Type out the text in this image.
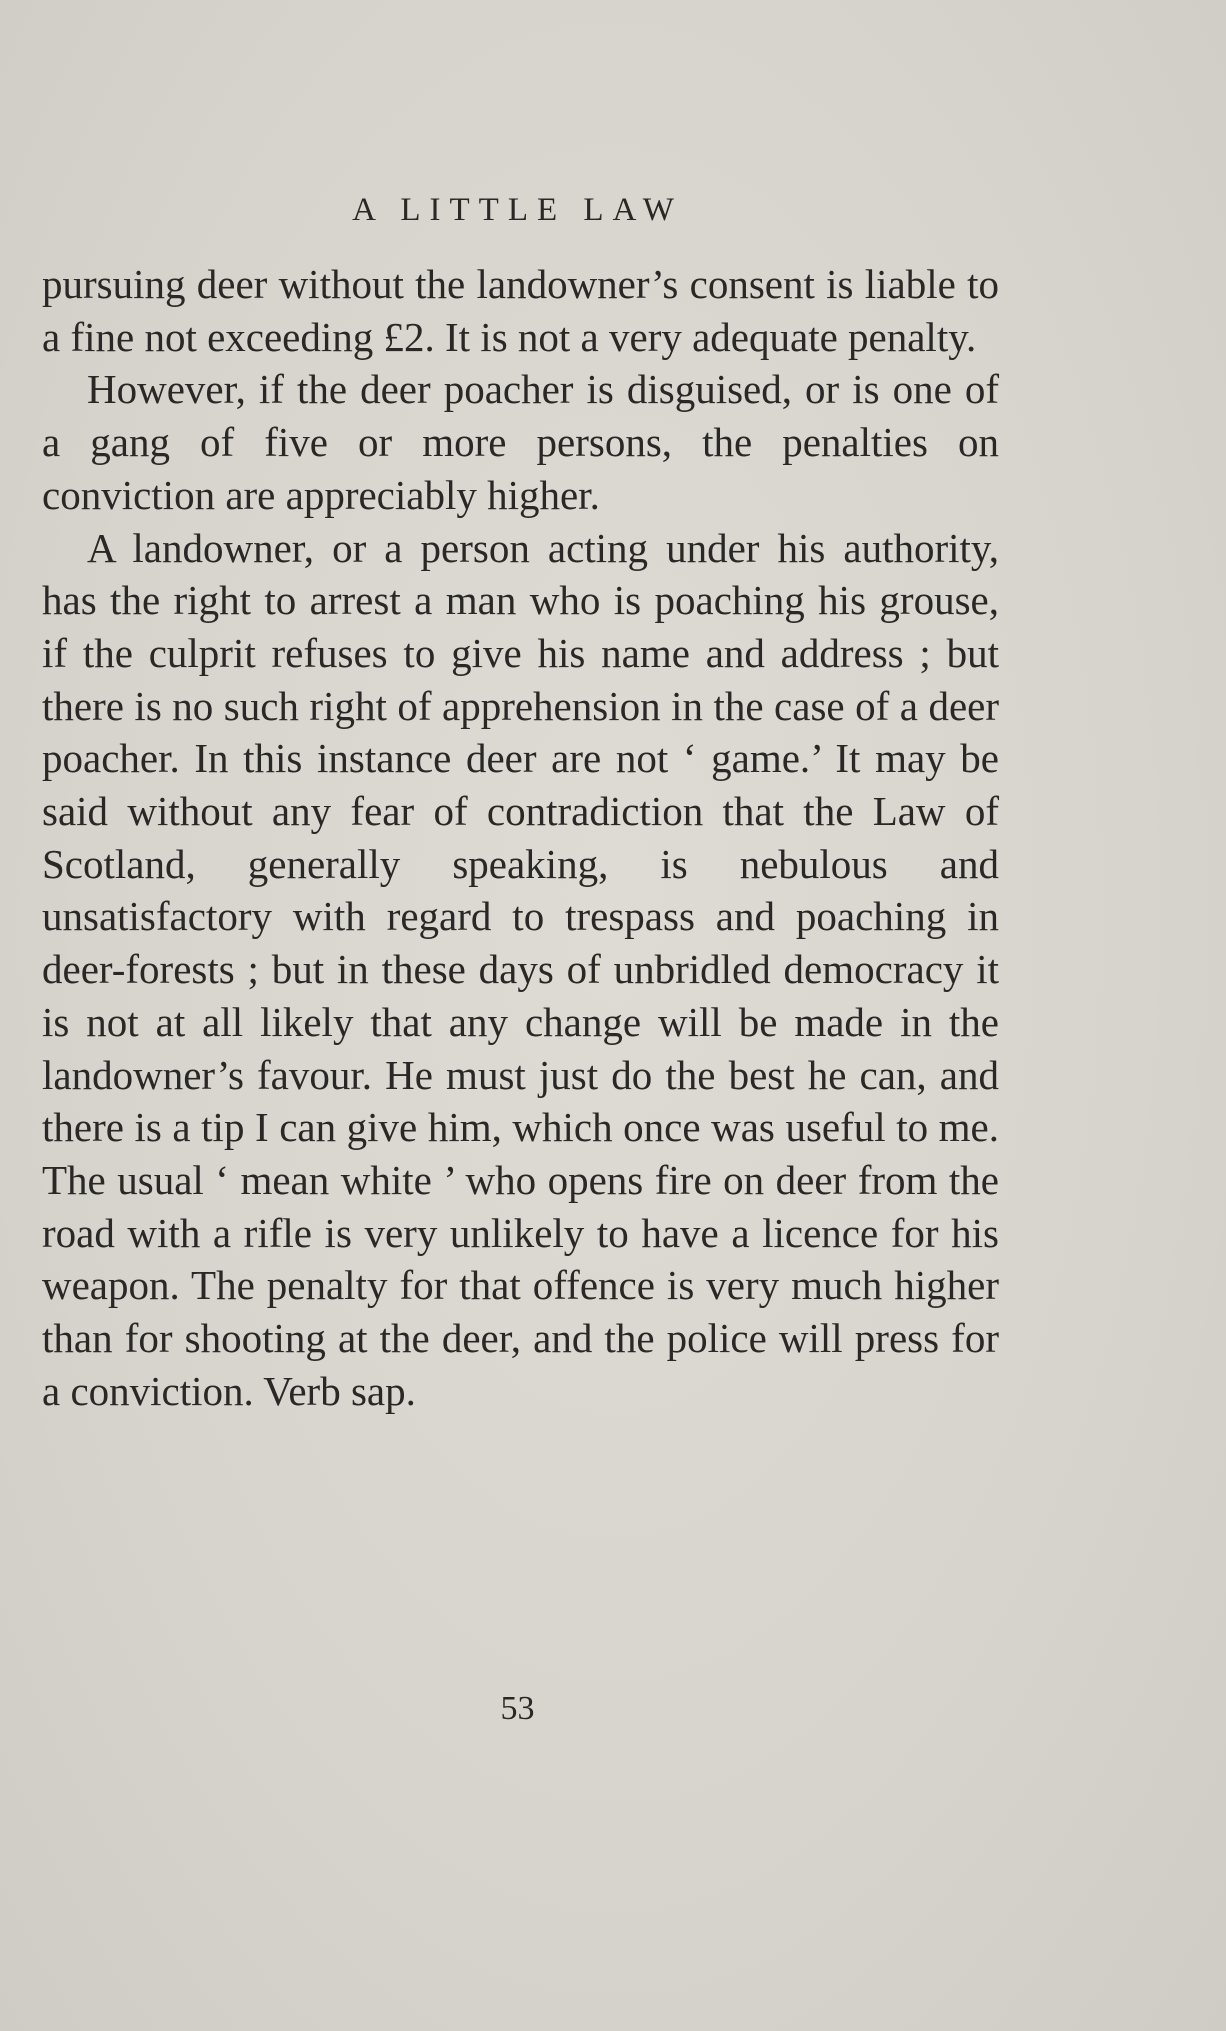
A LITTLE LAW

pursuing deer without the landowner’s consent is liable to a fine not exceeding £2. It is not a very adequate penalty.

However, if the deer poacher is disguised, or is one of a gang of five or more persons, the penalties on conviction are appreciably higher.

A landowner, or a person acting under his authority, has the right to arrest a man who is poaching his grouse, if the culprit refuses to give his name and address ; but there is no such right of apprehension in the case of a deer poacher. In this instance deer are not ‘ game.’ It may be said without any fear of contradiction that the Law of Scotland, generally speaking, is nebulous and unsatisfactory with regard to trespass and poaching in deer-forests ; but in these days of unbridled democracy it is not at all likely that any change will be made in the landowner’s favour. He must just do the best he can, and there is a tip I can give him, which once was useful to me. The usual ‘ mean white ’ who opens fire on deer from the road with a rifle is very unlikely to have a licence for his weapon. The penalty for that offence is very much higher than for shooting at the deer, and the police will press for a conviction. Verb sap.

53
